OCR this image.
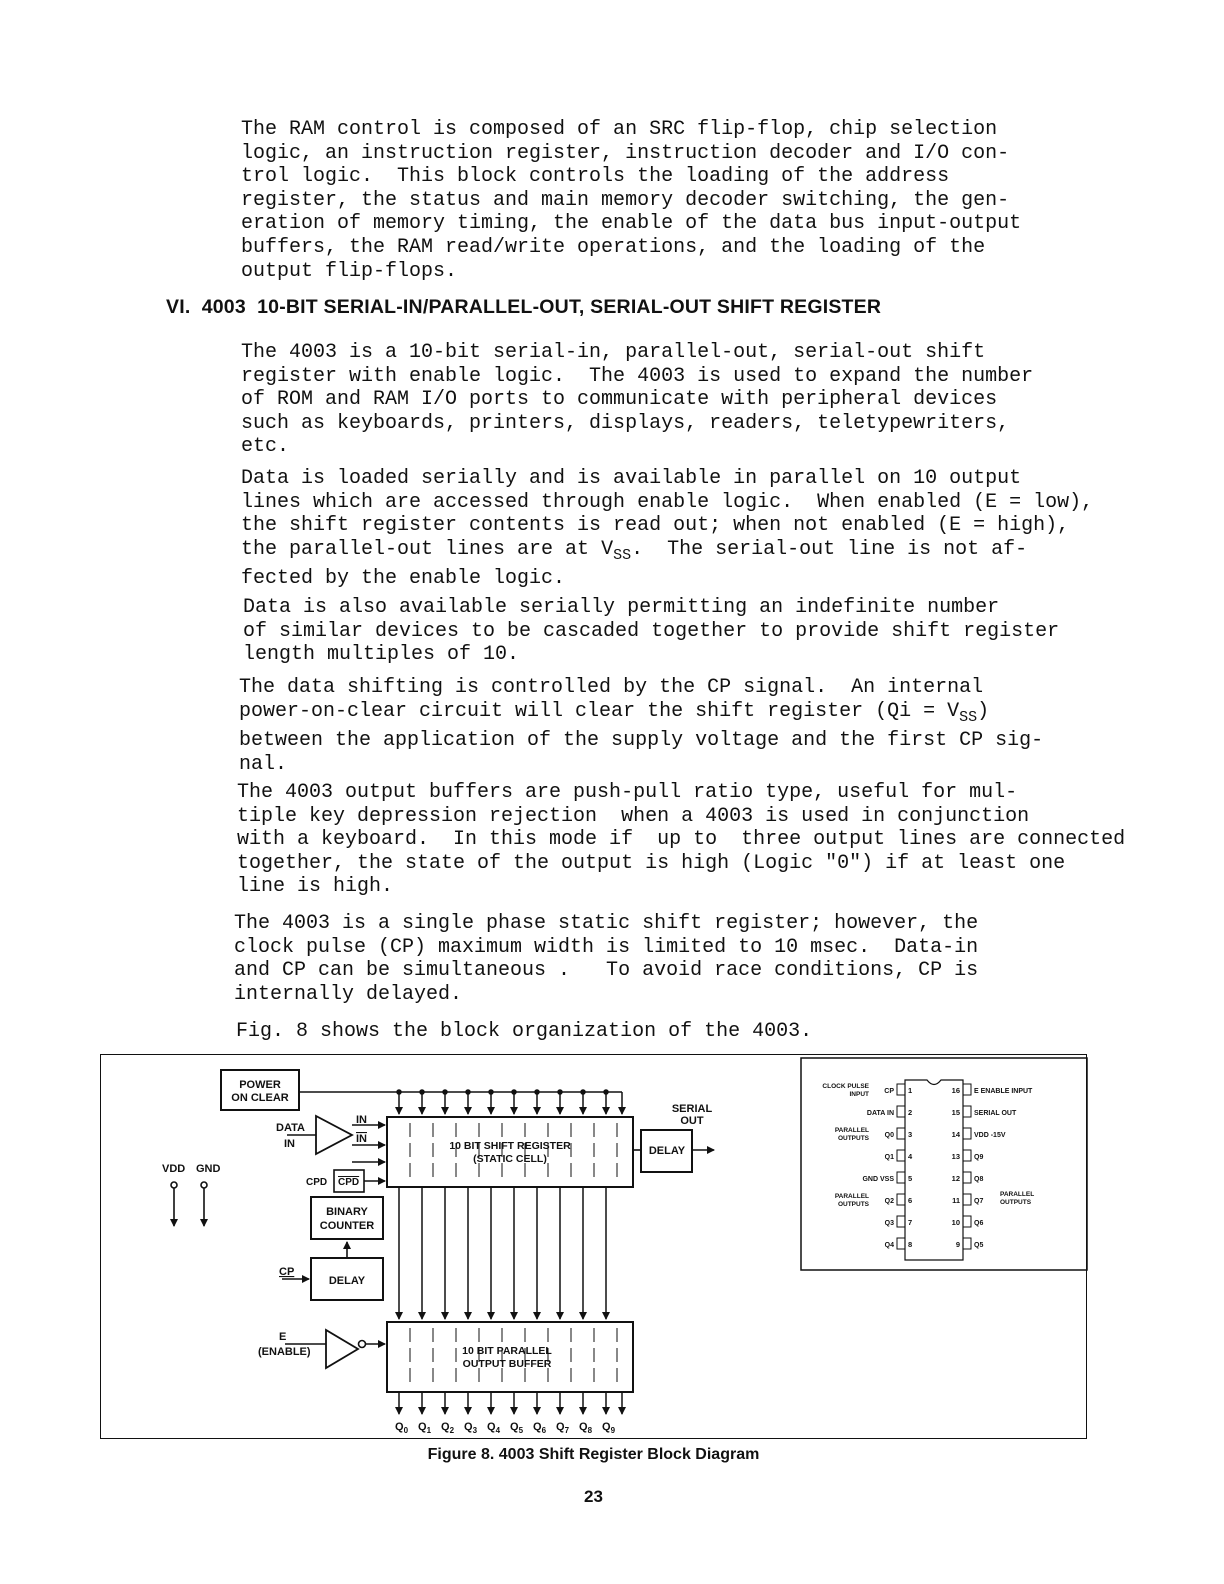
The RAM control is composed of an SRC flip-flop, chip selection
logic, an instruction register, instruction decoder and I/O con-
trol logic.  This block controls the loading of the address
register, the status and main memory decoder switching, the gen-
eration of memory timing, the enable of the data bus input-output
buffers, the RAM read/write operations, and the loading of the
output flip-flops.
VI. 4003  10-BIT SERIAL-IN/PARALLEL-OUT, SERIAL-OUT SHIFT REGISTER
The 4003 is a 10-bit serial-in, parallel-out, serial-out shift
register with enable logic.  The 4003 is used to expand the number
of ROM and RAM I/O ports to communicate with peripheral devices
such as keyboards, printers, displays, readers, teletypewriters,
etc.
Data is loaded serially and is available in parallel on 10 output
lines which are accessed through enable logic.  When enabled (E = low),
the shift register contents is read out; when not enabled (E = high),
the parallel-out lines are at $V_{SS}$.  The serial-out line is not af-
fected by the enable logic.
Data is also available serially permitting an indefinite number
of similar devices to be cascaded together to provide shift register
length multiples of 10.
The data shifting is controlled by the CP signal.  An internal
power-on-clear circuit will clear the shift register $(Qi = V_{SS})$
between the application of the supply voltage and the first CP sig-
nal.
The 4003 output buffers are push-pull ratio type, useful for mul-
tiple key depression rejection  when a 4003 is used in conjunction
with a keyboard.  In this mode if  up to  three output lines are connected
together, the state of the output is high (Logic "0") if at least one
line is high.
The 4003 is a single phase static shift register; however, the
clock pulse (CP) maximum width is limited to 10 msec.  Data-in
and CP can be simultaneous .   To avoid race conditions, CP is
internally delayed.
Fig. 8 shows the block organization of the 4003.
POWER
ON CLEAR
DATA
IN
IN
IN
10 BIT SHIFT REGISTER
(STATIC CELL)
SERIAL
OUT
DELAY
VDD GND
CPD CPD
BINARY
COUNTER
CP
DELAY
E
(ENABLE)	10 BIT PARALLEL
OUTPUT BUFFER
$Q_0$ $Q_1$ $Q_2$ $Q_3$ $Q_4$ $Q_5$ $Q_6$ $Q_7$ $Q_8$ $Q_9$
1
CP
CLOCK PULSE
INPUT
2
DATA IN
3
Q0
PARALLEL
OUTPUTS
4
Q1
5
GND VSS
6
Q2
PARALLEL
OUTPUTS
7
Q3
8
Q4
16 E ENABLE INPUT
15 SERIAL OUT
14 VDD -15V
13 Q9
12 Q8
11 Q7
10 Q6
9 Q5
PARALLEL
OUTPUTS
Figure 8. 4003 Shift Register Block Diagram
23
